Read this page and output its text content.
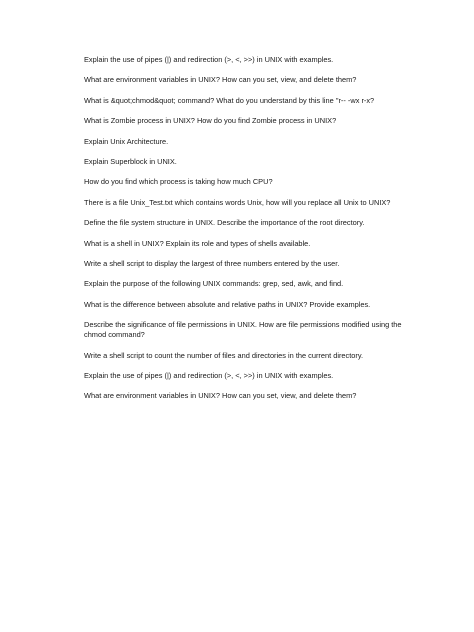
Explain the use of pipes (|) and redirection (>, <, >>) in UNIX with examples.
What are environment variables in UNIX? How can you set, view, and delete them?
What is &quot;chmod&quot; command? What do you understand by this line "r-- -wx r-x?
What is Zombie process in UNIX? How do you find Zombie process in UNIX?
Explain Unix Architecture.
Explain Superblock in UNIX.
How do you find which process is taking how much CPU?
There is a file Unix_Test.txt which contains words Unix, how will you replace all Unix to UNIX?
Define the file system structure in UNIX. Describe the importance of the root directory.
What is a shell in UNIX? Explain its role and types of shells available.
Write a shell script to display the largest of three numbers entered by the user.
Explain the purpose of the following UNIX commands: grep, sed, awk, and find.
What is the difference between absolute and relative paths in UNIX? Provide examples.
Describe the significance of file permissions in UNIX. How are file permissions modified using the chmod command?
Write a shell script to count the number of files and directories in the current directory.
Explain the use of pipes (|) and redirection (>, <, >>) in UNIX with examples.
What are environment variables in UNIX? How can you set, view, and delete them?
